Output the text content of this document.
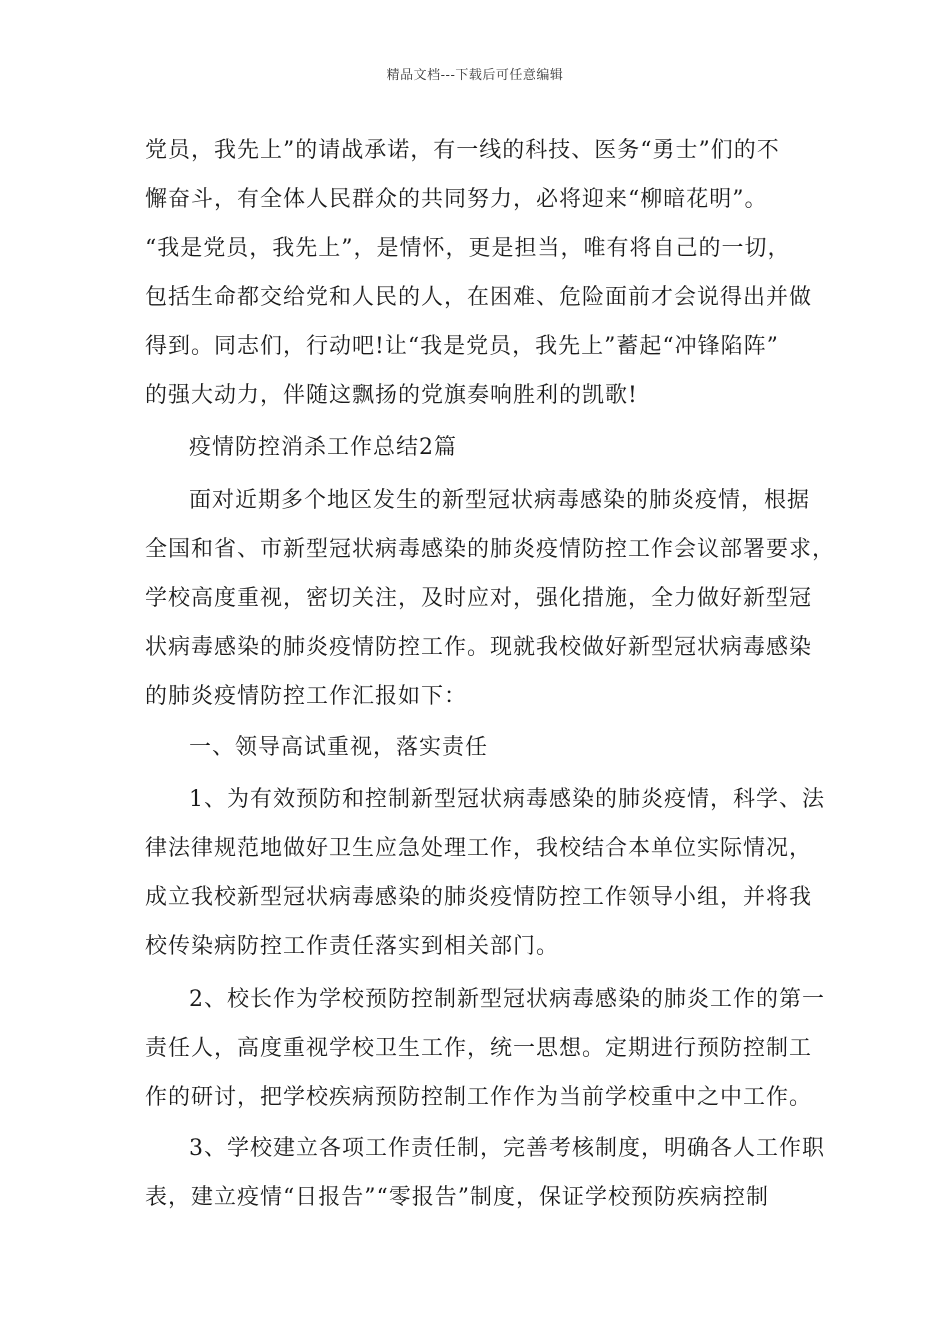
精品文档---下载后可任意编辑
党员，我先上”的请战承诺，有一线的科技、医务“勇士”们的不
懈奋斗，有全体人民群众的共同努力，必将迎来“柳暗花明”。
“我是党员，我先上”，是情怀，更是担当，唯有将自己的一切，
包括生命都交给党和人民的人，在困难、危险面前才会说得出并做
得到。同志们，行动吧!让“我是党员，我先上”蓄起“冲锋陷阵”
的强大动力，伴随这飘扬的党旗奏响胜利的凯歌!
疫情防控消杀工作总结2篇
面对近期多个地区发生的新型冠状病毒感染的肺炎疫情，根据
全国和省、市新型冠状病毒感染的肺炎疫情防控工作会议部署要求，
学校高度重视，密切关注，及时应对，强化措施，全力做好新型冠
状病毒感染的肺炎疫情防控工作。现就我校做好新型冠状病毒感染
的肺炎疫情防控工作汇报如下：
一、领导高试重视，落实责任
1、为有效预防和控制新型冠状病毒感染的肺炎疫情，科学、法
律法律规范地做好卫生应急处理工作，我校结合本单位实际情况，
成立我校新型冠状病毒感染的肺炎疫情防控工作领导小组，并将我
校传染病防控工作责任落实到相关部门。
2、校长作为学校预防控制新型冠状病毒感染的肺炎工作的第一
责任人，高度重视学校卫生工作，统一思想。定期进行预防控制工
作的研讨，把学校疾病预防控制工作作为当前学校重中之中工作。
3、学校建立各项工作责任制，完善考核制度，明确各人工作职
表，建立疫情“日报告”“零报告”制度，保证学校预防疾病控制
